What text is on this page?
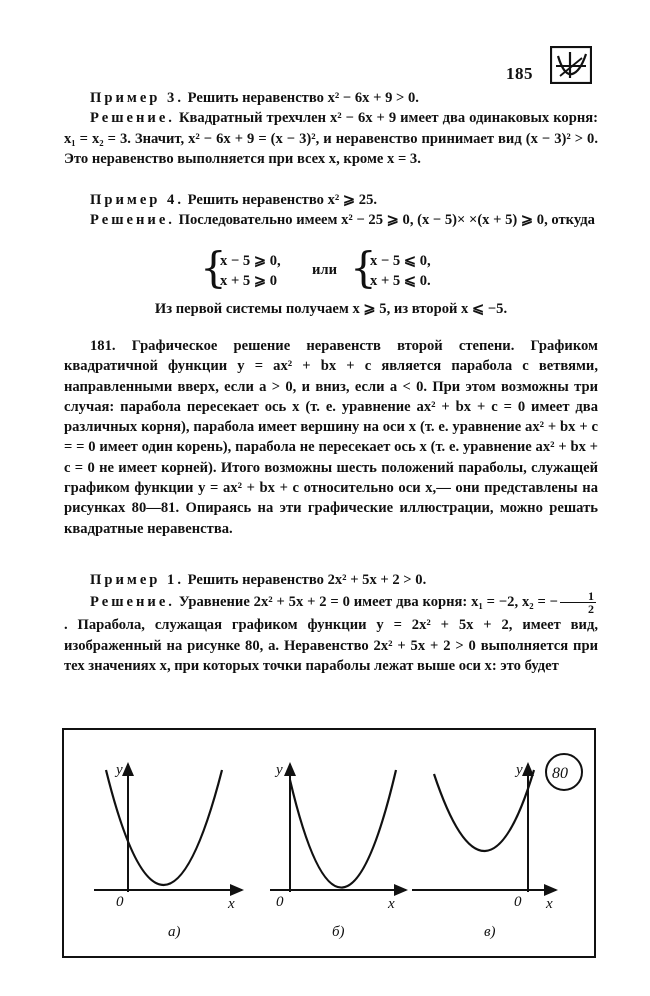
185

Пример 3. Решить неравенство x² − 6x + 9 > 0.

Решение. Квадратный трехчлен x² − 6x + 9 имеет два одинаковых корня: x₁ = x₂ = 3. Значит, x² − 6x + 9 = (x − 3)², и неравенство принимает вид (x − 3)² > 0. Это неравенство выполняется при всех x, кроме x = 3.

Пример 4. Решить неравенство x² ⩾ 25.

Решение. Последовательно имеем x² − 25 ⩾ 0, (x − 5)× ×(x + 5) ⩾ 0, откуда

{
x − 5 ⩾ 0,
x + 5 ⩾ 0
или {
x − 5 ⩽ 0,
x + 5 ⩽ 0.
Из первой системы получаем x ⩾ 5, из второй x ⩽ −5.

181. Графическое решение неравенств второй степени. Графиком квадратичной функции y = ax² + bx + c является парабола с ветвями, направленными вверх, если a > 0, и вниз, если a < 0. При этом возможны три случая: парабола пересекает ось x (т. е. уравнение ax² + bx + c = 0 имеет два различных корня), парабола имеет вершину на оси x (т. е. уравнение ax² + bx + c = = 0 имеет один корень), парабола не пересекает ось x (т. е. уравнение ax² + bx + c = 0 не имеет корней). Итого возможны шесть положений параболы, служащей графиком функции y = ax² + bx + c относительно оси x,— они представлены на рисунках 80—81. Опираясь на эти графические иллюстрации, можно решать квадратные неравенства.

Пример 1. Решить неравенство 2x² + 5x + 2 > 0.

Решение. Уравнение 2x² + 5x + 2 = 0 имеет два корня: x₁ = −2, x₂ = − $\frac{1}{2}$
. Парабола, служащая графиком функции y = 2x² + 5x + 2, имеет вид, изображенный на рисунке 80, a. Неравенство 2x² + 5x + 2 > 0 выполняется при тех значениях x, при которых точки параболы лежат выше оси x: это будет

y
0	x
а)
y
0	x
б)
y
0 x
в)
80
